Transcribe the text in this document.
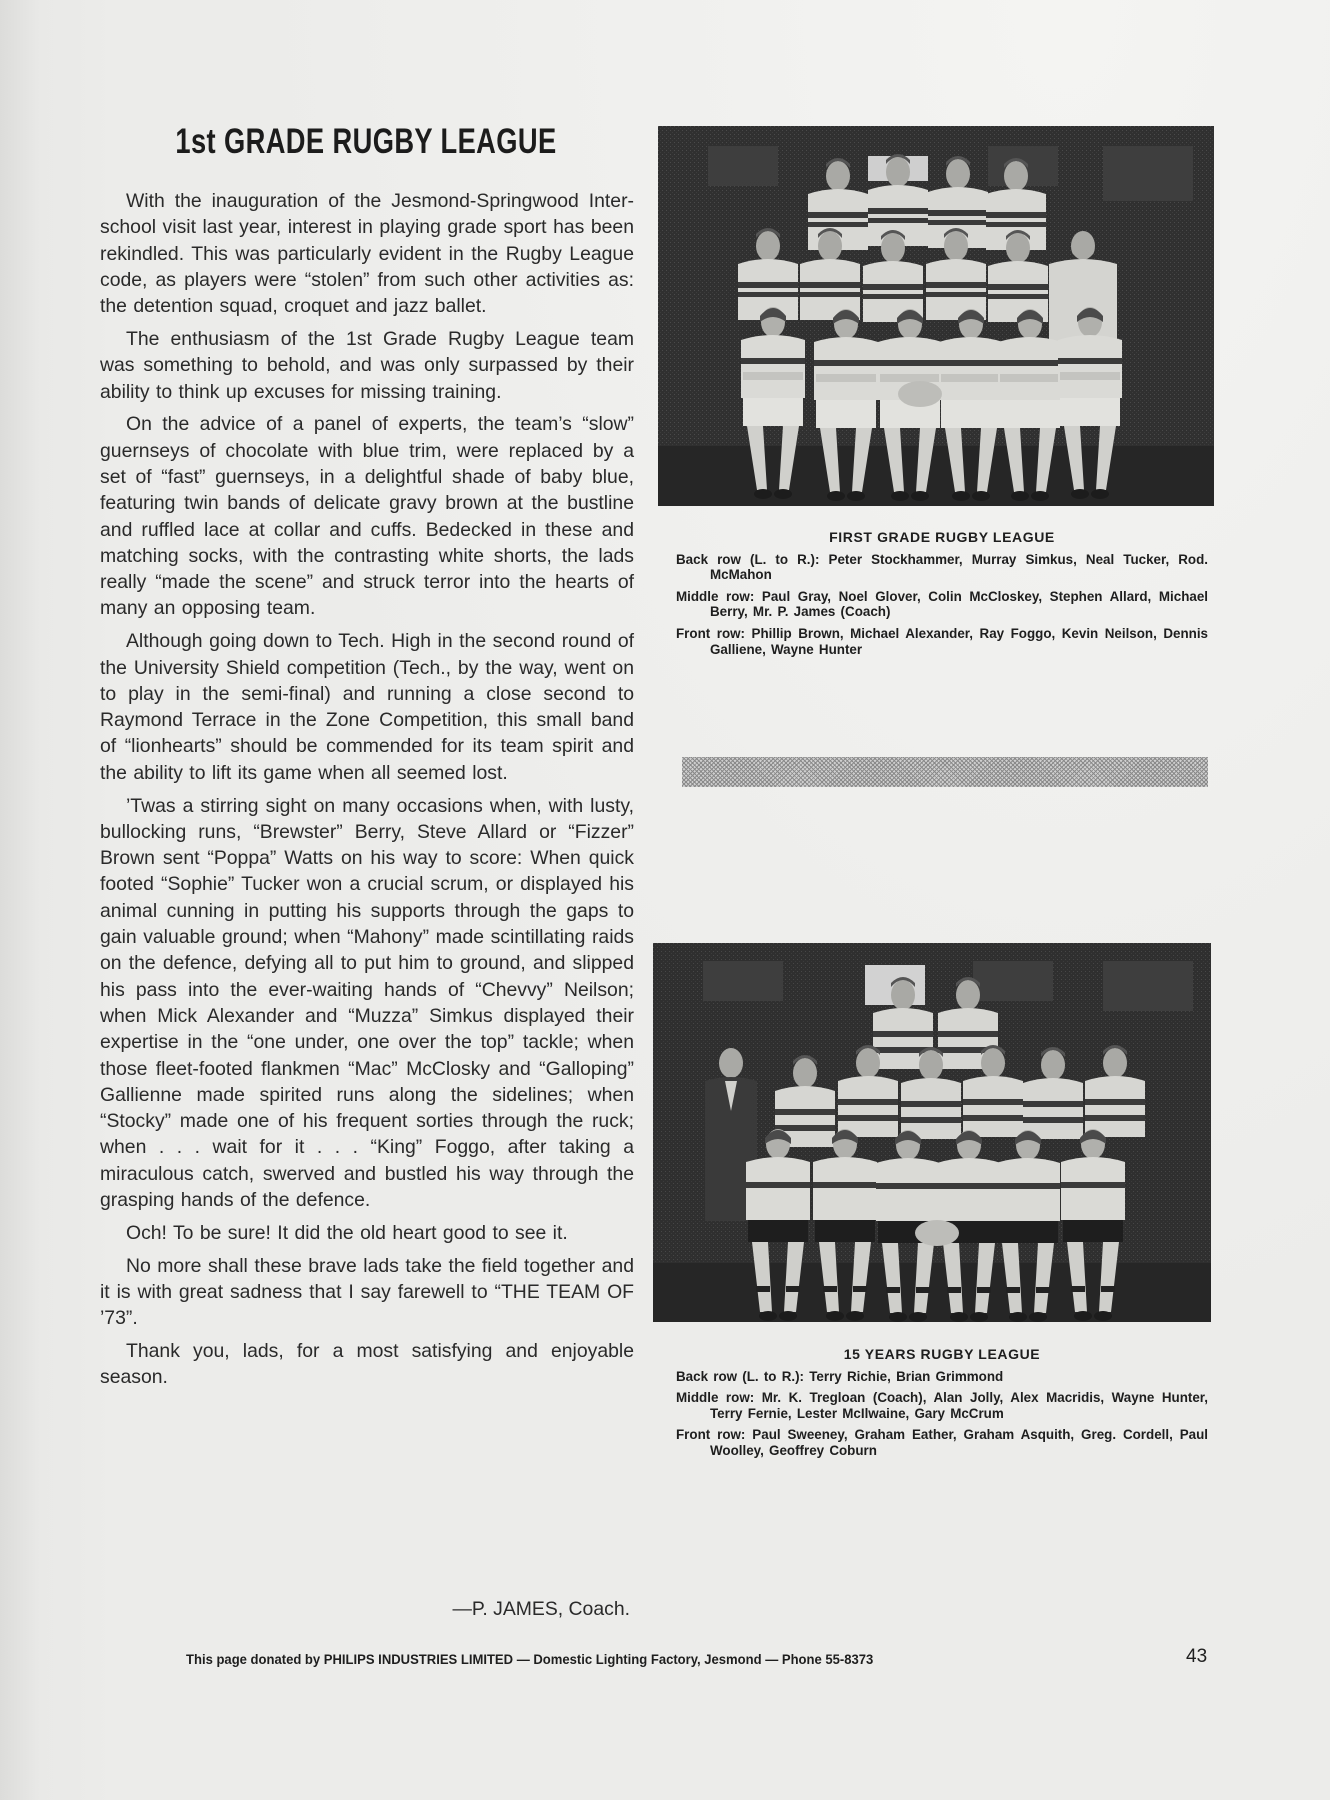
1st GRADE RUGBY LEAGUE

With the inauguration of the Jesmond-Springwood Inter-school visit last year, interest in playing grade sport has been rekindled. This was particularly evident in the Rugby League code, as players were “stolen” from such other activities as: the detention squad, croquet and jazz ballet.

The enthusiasm of the 1st Grade Rugby League team was something to behold, and was only surpassed by their ability to think up excuses for missing training.

On the advice of a panel of experts, the team’s “slow” guernseys of chocolate with blue trim, were replaced by a set of “fast” guernseys, in a delightful shade of baby blue, featuring twin bands of delicate gravy brown at the bustline and ruffled lace at collar and cuffs. Bedecked in these and matching socks, with the contrasting white shorts, the lads really “made the scene” and struck terror into the hearts of many an opposing team.

Although going down to Tech. High in the second round of the University Shield competition (Tech., by the way, went on to play in the semi-final) and running a close second to Raymond Terrace in the Zone Competition, this small band of “lionhearts” should be commended for its team spirit and the ability to lift its game when all seemed lost.

’Twas a stirring sight on many occasions when, with lusty, bullocking runs, “Brewster” Berry, Steve Allard or “Fizzer” Brown sent “Poppa” Watts on his way to score: When quick footed “Sophie” Tucker won a crucial scrum, or displayed his animal cunning in putting his supports through the gaps to gain valuable ground; when “Mahony” made scintillating raids on the defence, defying all to put him to ground, and slipped his pass into the ever-waiting hands of “Chevvy” Neilson; when Mick Alexander and “Muzza” Simkus displayed their expertise in the “one under, one over the top” tackle; when those fleet-footed flankmen “Mac” McClosky and “Galloping” Gallienne made spirited runs along the sidelines; when “Stocky” made one of his frequent sorties through the ruck; when . . . wait for it . . . “King” Foggo, after taking a miraculous catch, swerved and bustled his way through the grasping hands of the defence.

Och! To be sure! It did the old heart good to see it.

No more shall these brave lads take the field together and it is with great sadness that I say farewell to “THE TEAM OF ’73”.

Thank you, lads, for a most satisfying and enjoyable season.

—P. JAMES, Coach.
FIRST GRADE RUGBY LEAGUE
Back row (L. to R.): Peter Stockhammer, Murray Simkus, Neal Tucker, Rod. McMahon
Middle row: Paul Gray, Noel Glover, Colin McCloskey, Stephen Allard, Michael Berry, Mr. P. James (Coach)
Front row: Phillip Brown, Michael Alexander, Ray Foggo, Kevin Neilson, Dennis Galliene, Wayne Hunter
15 YEARS RUGBY LEAGUE
Back row (L. to R.): Terry Richie, Brian Grimmond
Middle row: Mr. K. Tregloan (Coach), Alan Jolly, Alex Macridis, Wayne Hunter, Terry Fernie, Lester McIlwaine, Gary McCrum
Front row: Paul Sweeney, Graham Eather, Graham Asquith, Greg. Cordell, Paul Woolley, Geoffrey Coburn
This page donated by PHILIPS INDUSTRIES LIMITED — Domestic Lighting Factory, Jesmond — Phone 55-8373	43
